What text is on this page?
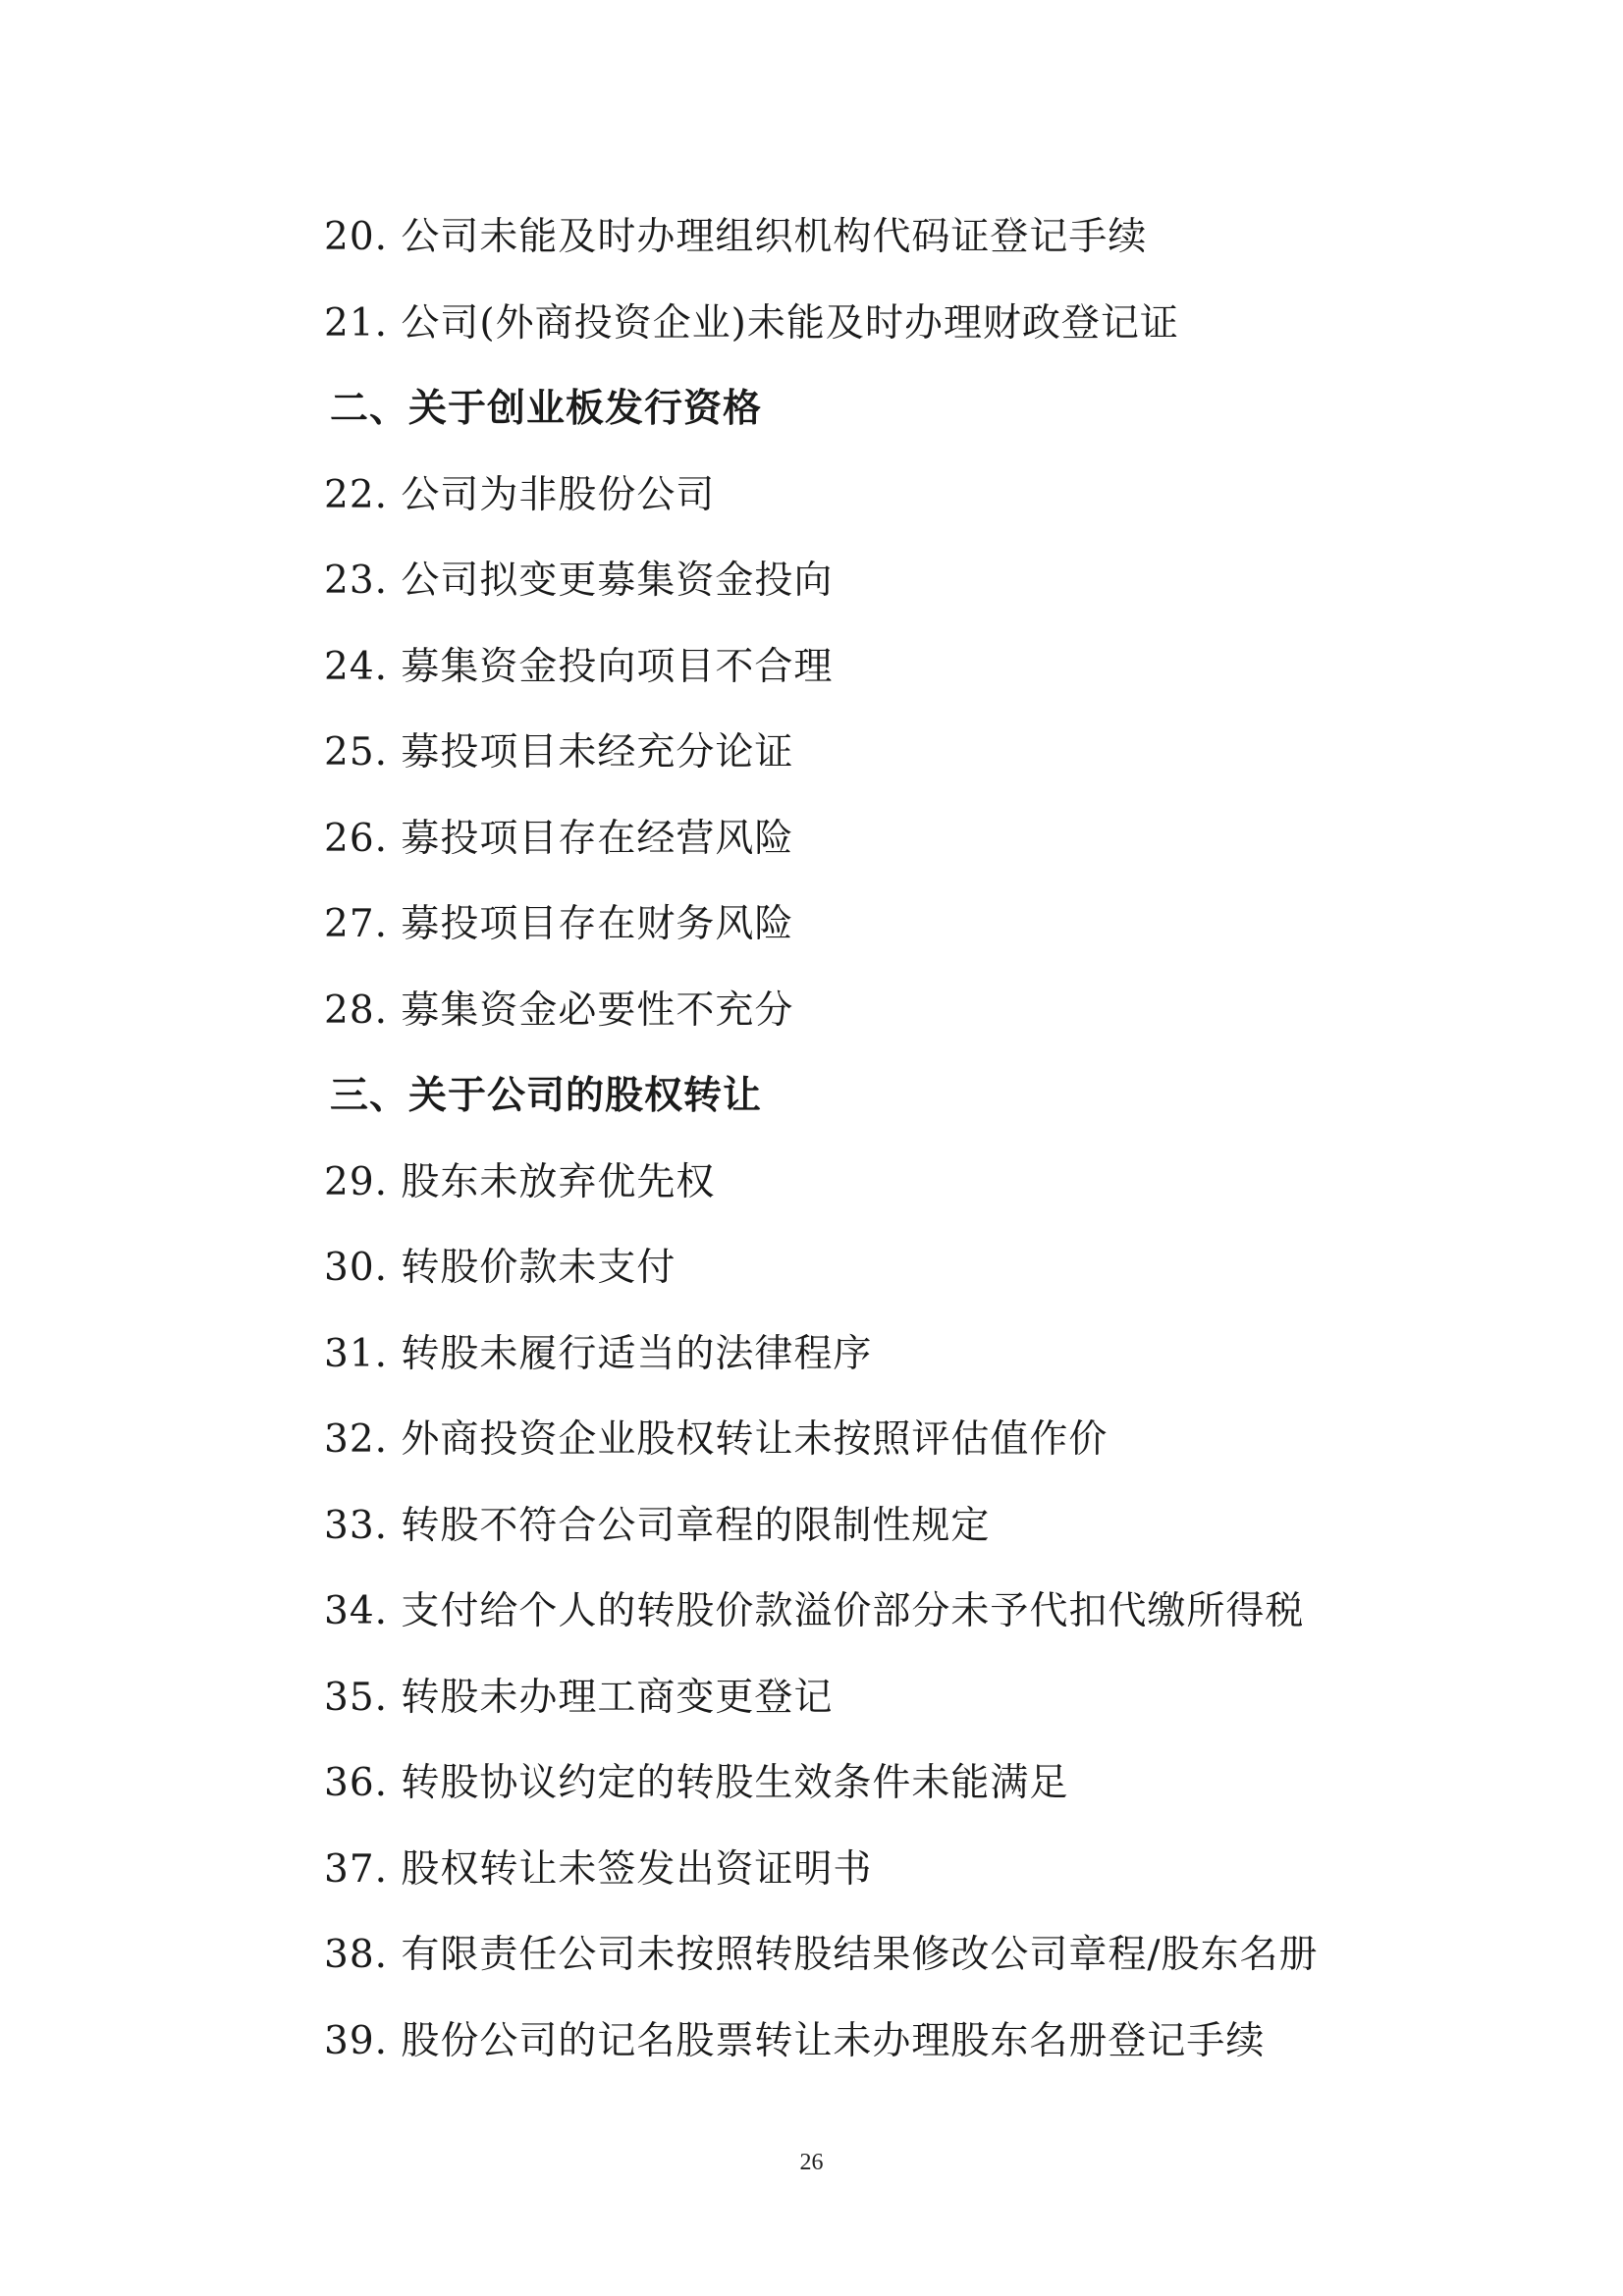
20. 公司未能及时办理组织机构代码证登记手续
21. 公司(外商投资企业)未能及时办理财政登记证
二、关于创业板发行资格
22. 公司为非股份公司
23. 公司拟变更募集资金投向
24. 募集资金投向项目不合理
25. 募投项目未经充分论证
26. 募投项目存在经营风险
27. 募投项目存在财务风险
28. 募集资金必要性不充分
三、关于公司的股权转让
29. 股东未放弃优先权
30. 转股价款未支付
31. 转股未履行适当的法律程序
32. 外商投资企业股权转让未按照评估值作价
33. 转股不符合公司章程的限制性规定
34. 支付给个人的转股价款溢价部分未予代扣代缴所得税
35. 转股未办理工商变更登记
36. 转股协议约定的转股生效条件未能满足
37. 股权转让未签发出资证明书
38. 有限责任公司未按照转股结果修改公司章程/股东名册
39. 股份公司的记名股票转让未办理股东名册登记手续
26
